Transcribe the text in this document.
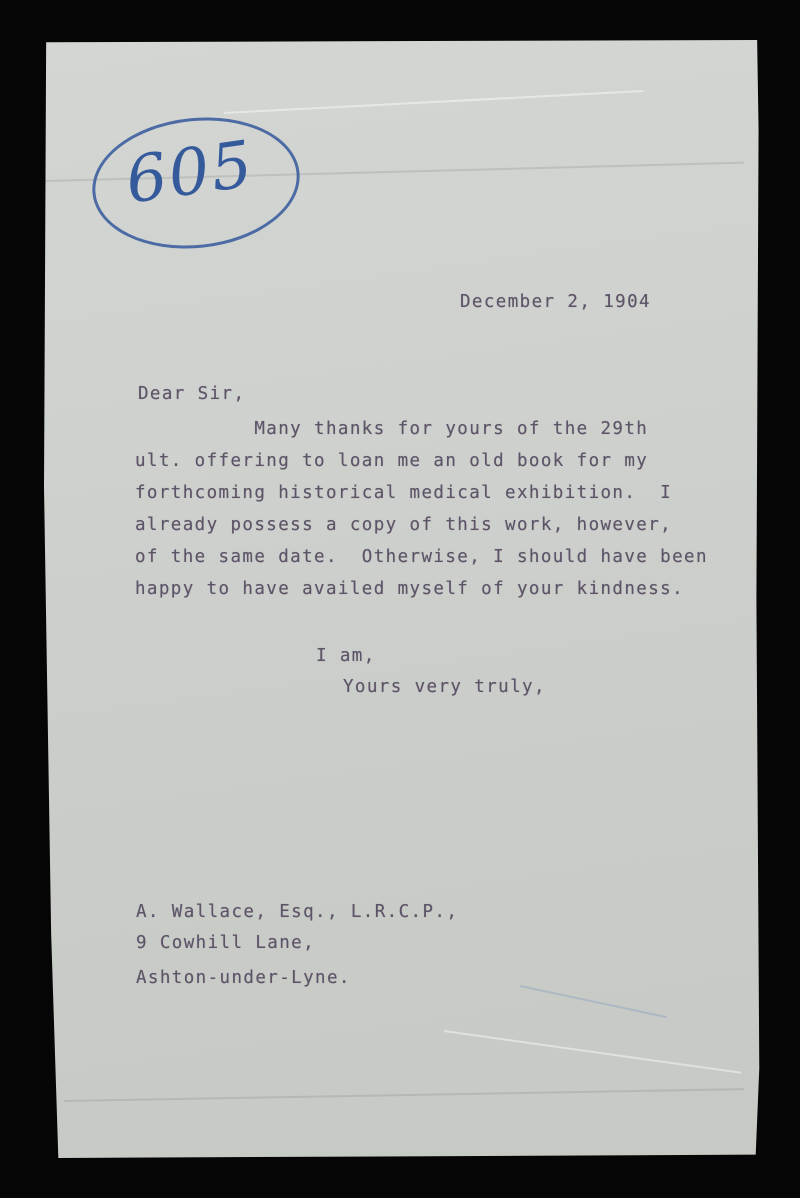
605
December 2, 1904
Dear Sir,
Many thanks for yours of the 29th
ult. offering to loan me an old book for my
forthcoming historical medical exhibition.  I
already possess a copy of this work, however,
of the same date.  Otherwise, I should have been
happy to have availed myself of your kindness.
I am,
Yours very truly,
A. Wallace, Esq., L.R.C.P.,
9 Cowhill Lane,
Ashton-under-Lyne.
